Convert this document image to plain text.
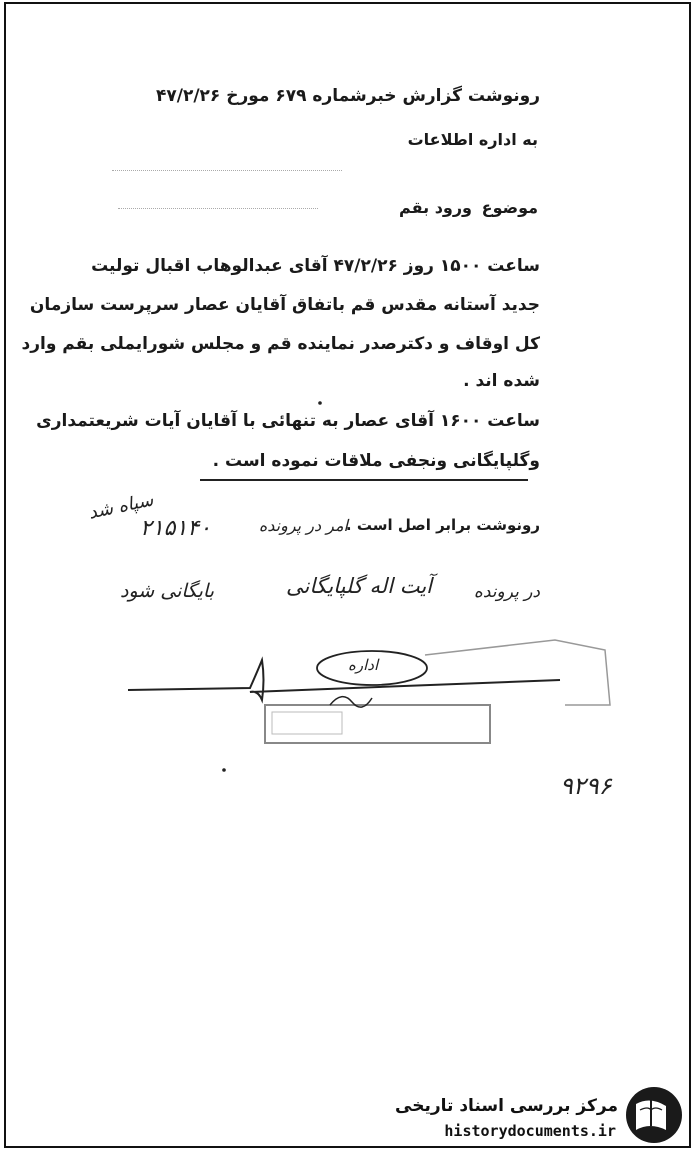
رونوشت گزارش خبرشماره ۶۷۹ مورخ ۴۷/۲/۲۶
به اداره اطلاعات
موضوع
ورود بقم
ساعت ۱۵۰۰ روز ۴۷/۲/۲۶ آقای عبدالوهاب اقبال تولیت
جدید آستانه مقدس قم باتفاق آقایان عصار سرپرست سازمان
کل اوقاف و دکترصدر نماینده قم و مجلس شورایملی بقم وارد
شده اند .
ساعت ۱۶۰۰ آقای عصار به تنهائی با آقایان آیات شریعتمداری
وگلپایگانی ونجفی ملاقات نموده است .
رونوشت برابر اصل است .
امر در پرونده
۲۱۵۱۴۰
سپاه شد
در پرونده
آیت اله گلپایگانی
بایگانی شود
اداره
۹۲۹۶
مرکز بررسی اسناد تاریخی
historydocuments.ir
